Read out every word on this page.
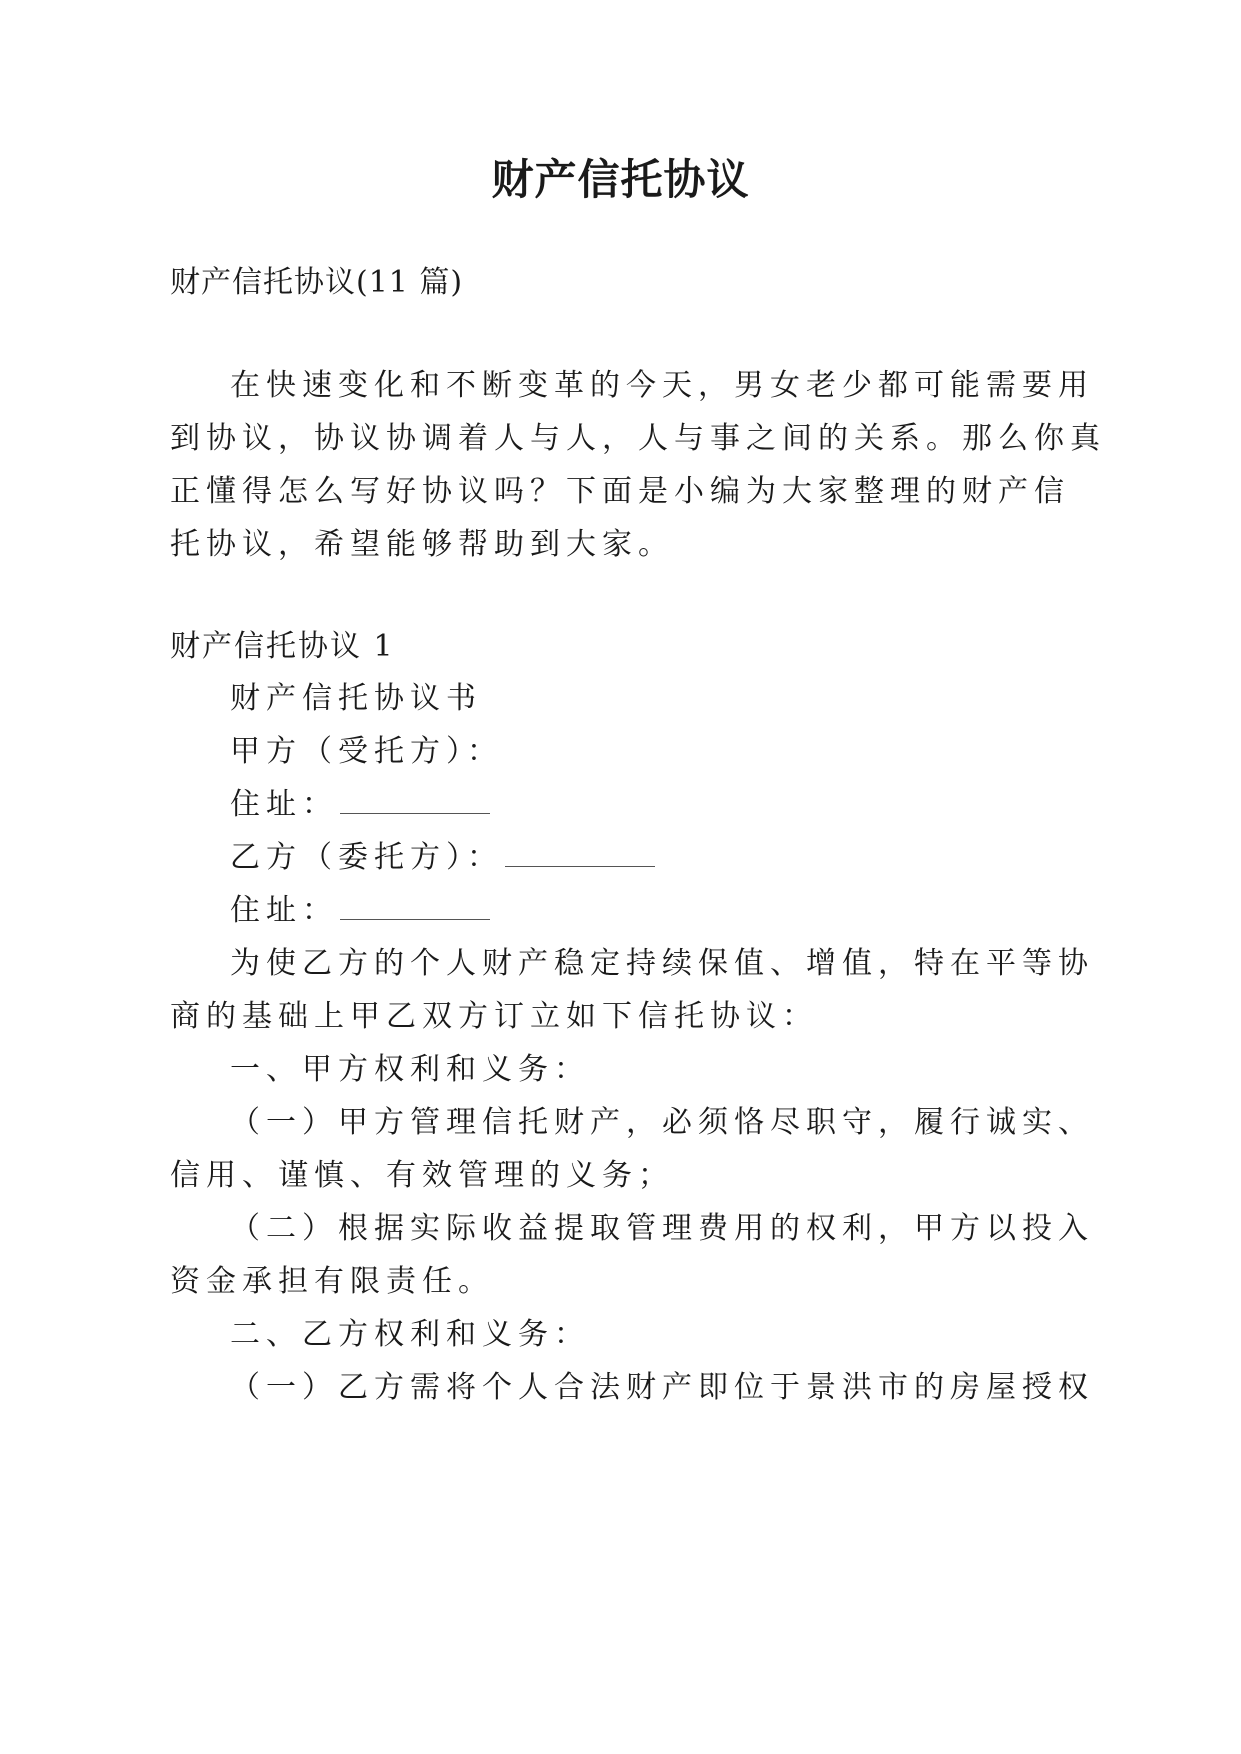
财产信托协议
财产信托协议(11 篇)
在快速变化和不断变革的今天，男女老少都可能需要用
到协议，协议协调着人与人，人与事之间的关系。那么你真
正懂得怎么写好协议吗？下面是小编为大家整理的财产信
托协议，希望能够帮助到大家。
财产信托协议 1
财产信托协议书
甲方（受托方）：
住址：
乙方（委托方）：
住址：
为使乙方的个人财产稳定持续保值、增值，特在平等协
商的基础上甲乙双方订立如下信托协议：
一、甲方权利和义务：
（一）甲方管理信托财产，必须恪尽职守，履行诚实、
信用、谨慎、有效管理的义务；
（二）根据实际收益提取管理费用的权利，甲方以投入
资金承担有限责任。
二、乙方权利和义务：
（一）乙方需将个人合法财产即位于景洪市的房屋授权
